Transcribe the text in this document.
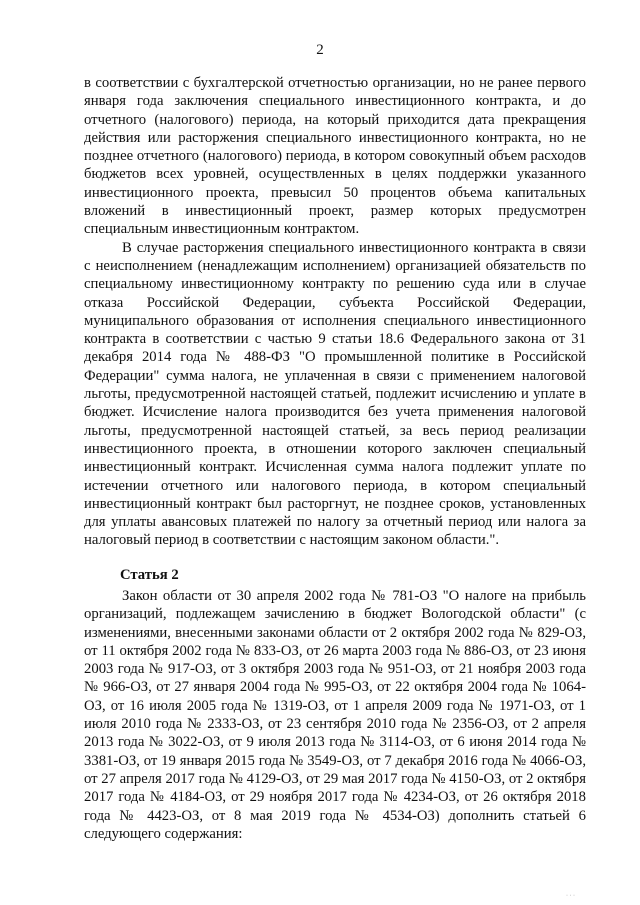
2

в соответствии с бухгалтерской отчетностью организации, но не ранее первого января года заключения специального инвестиционного контракта, и до отчетного (налогового) периода, на который приходится дата прекращения действия или расторжения специального инвестиционного контракта, но не позднее отчетного (налогового) периода, в котором совокупный объем расходов бюджетов всех уровней, осуществленных в целях поддержки указанного инвестиционного проекта, превысил 50 процентов объема капитальных вложений в инвестиционный проект, размер которых предусмотрен специальным инвестиционным контрактом.

В случае расторжения специального инвестиционного контракта в связи с неисполнением (ненадлежащим исполнением) организацией обязательств по специальному инвестиционному контракту по решению суда или в случае отказа Российской Федерации, субъекта Российской Федерации, муниципального образования от исполнения специального инвестиционного контракта в соответствии с частью 9 статьи 18.6 Федерального закона от 31 декабря 2014 года № 488-ФЗ "О промышленной политике в Российской Федерации" сумма налога, не уплаченная в связи с применением налоговой льготы, предусмотренной настоящей статьей, подлежит исчислению и уплате в бюджет. Исчисление налога производится без учета применения налоговой льготы, предусмотренной настоящей статьей, за весь период реализации инвестиционного проекта, в отношении которого заключен специальный инвестиционный контракт. Исчисленная сумма налога подлежит уплате по истечении отчетного или налогового периода, в котором специальный инвестиционный контракт был расторгнут, не позднее сроков, установленных для уплаты авансовых платежей по налогу за отчетный период или налога за налоговый период в соответствии с настоящим законом области.".

Статья 2

Закон области от 30 апреля 2002 года № 781-ОЗ "О налоге на прибыль организаций, подлежащем зачислению в бюджет Вологодской области" (с изменениями, внесенными законами области от 2 октября 2002 года № 829-ОЗ, от 11 октября 2002 года № 833-ОЗ, от 26 марта 2003 года № 886-ОЗ, от 23 июня 2003 года № 917-ОЗ, от 3 октября 2003 года № 951-ОЗ, от 21 ноября 2003 года № 966-ОЗ, от 27 января 2004 года № 995-ОЗ, от 22 октября 2004 года № 1064-ОЗ, от 16 июля 2005 года № 1319-ОЗ, от 1 апреля 2009 года № 1971-ОЗ, от 1 июля 2010 года № 2333-ОЗ, от 23 сентября 2010 года № 2356-ОЗ, от 2 апреля 2013 года № 3022-ОЗ, от 9 июля 2013 года № 3114-ОЗ, от 6 июня 2014 года № 3381-ОЗ, от 19 января 2015 года № 3549-ОЗ, от 7 декабря 2016 года № 4066-ОЗ, от 27 апреля 2017 года № 4129-ОЗ, от 29 мая 2017 года № 4150-ОЗ, от 2 октября 2017 года № 4184-ОЗ, от 29 ноября 2017 года № 4234-ОЗ, от 26 октября 2018 года № 4423-ОЗ, от 8 мая 2019 года № 4534-ОЗ) дополнить статьей 6 следующего содержания:

· · ·
